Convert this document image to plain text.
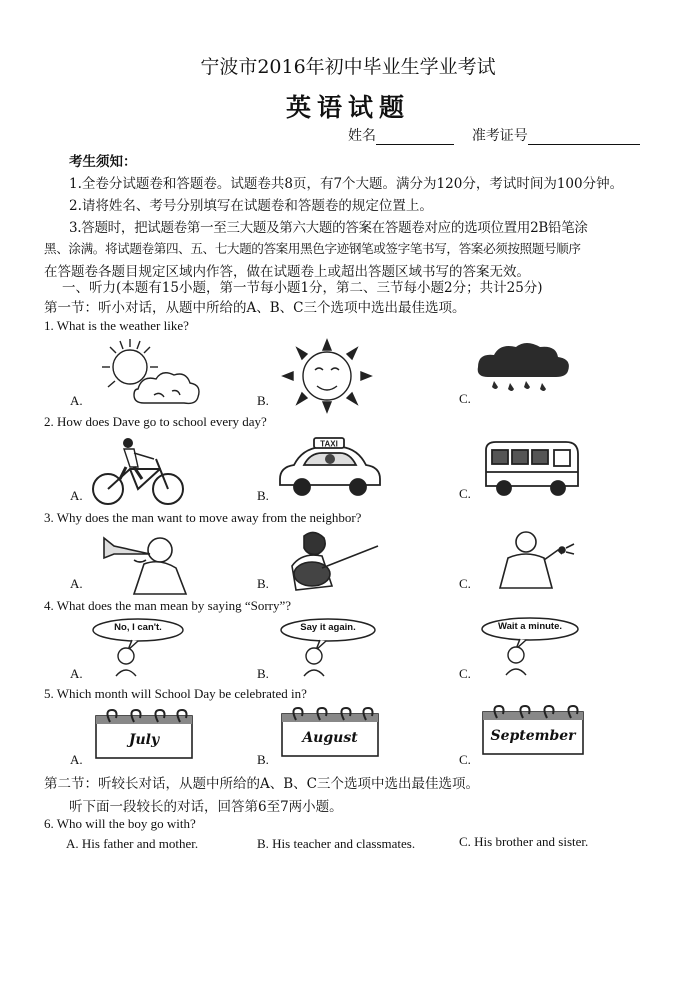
宁波市2016年初中毕业生学业考试
英语试题
姓名	准考证号
考生须知：
1.全卷分试题卷和答题卷。试题卷共8页，有7个大题。满分为120分，考试时间为100分钟。
2.请将姓名、考号分别填写在试题卷和答题卷的规定位置上。
3.答题时，把试题卷第一至三大题及第六大题的答案在答题卷对应的选项位置用2B铅笔涂
黑、涂满。将试题卷第四、五、七大题的答案用黑色字迹钢笔或签字笔书写，答案必须按照题号顺序
在答题卷各题目规定区域内作答，做在试题卷上或超出答题区域书写的答案无效。
一、听力(本题有15小题，第一节每小题1分，第二、三节每小题2分；共计25分)
第一节：听小对话，从题中所给的A、B、C三个选项中选出最佳选项。
1. What is the weather like?
A.	B.	C.
2. How does Dave go to school every day?
A.
TAXI
B.	C.
3. Why does the man want to move away from the neighbor?
A.	B.	C.
4. What does the man mean by saying “Sorry”?
No, I can't.
A.
Say it again.
B.
Wait a minute.
C.
5. Which month will School Day be celebrated in?
July
A.
August
B.
September
C.
第二节：听较长对话，从题中所给的A、B、C三个选项中选出最佳选项。
听下面一段较长的对话，回答第6至7两小题。
6. Who will the boy go with?
A. His father and mother.	B. His teacher and classmates.	C. His brother and sister.
